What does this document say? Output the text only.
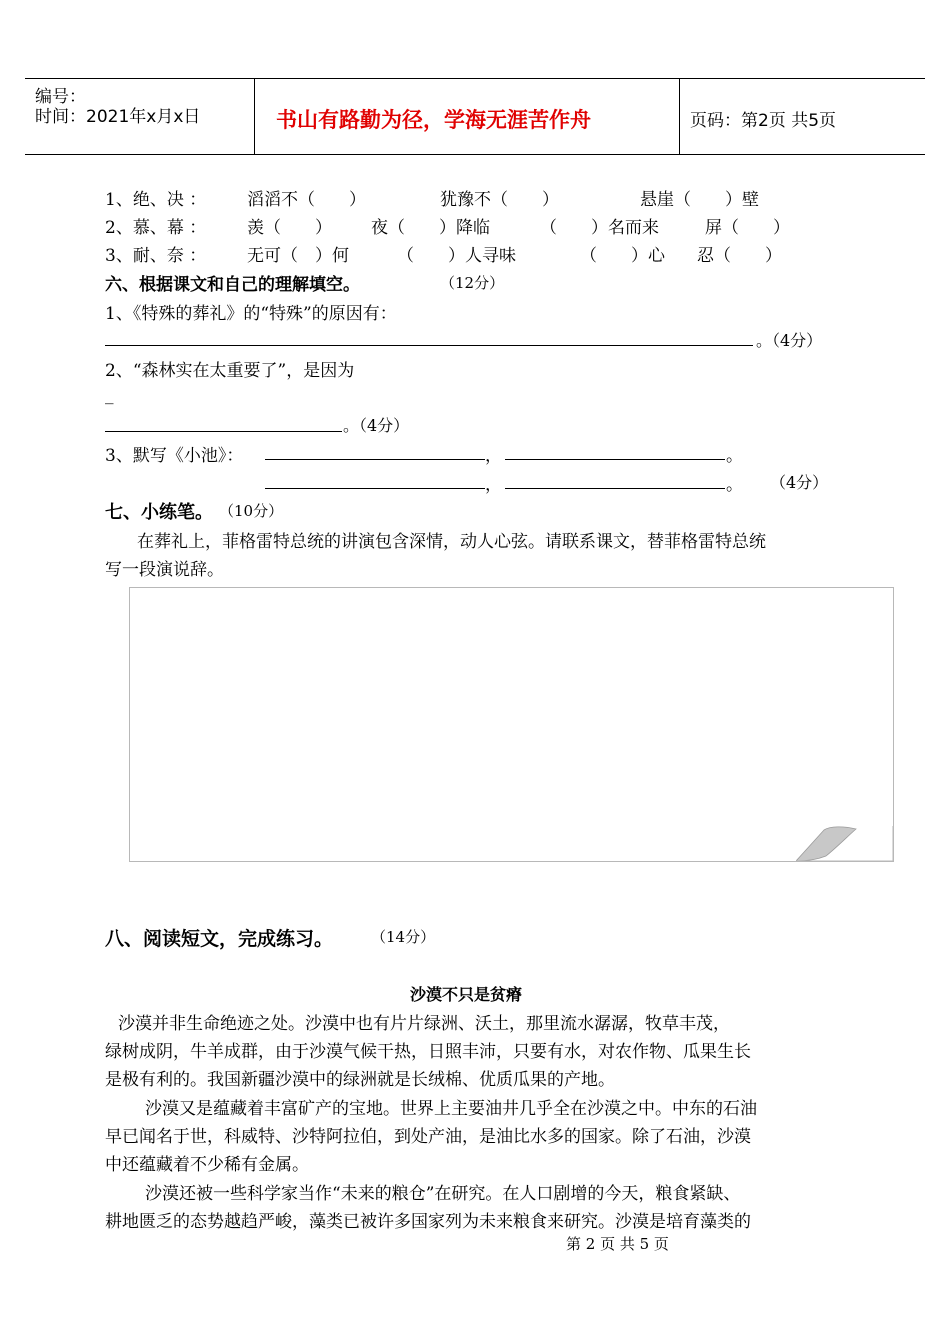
编号：
时间：2021年x月x日	书山有路勤为径，学海无涯苦作舟	页码：第2页 共5页
1、绝、决 ： 滔滔不（　　）	犹豫不（　　）	悬崖（　　）壁
2、慕、幕 ： 羡（　　） 夜（　　）降临	（　　）名而来	屏（　　）
3、耐、奈 ： 无可（　）何	（　　）人寻味	（　　）心 忍（　　）
六、根据课文和自己的理解填空。	（12分）
1、《特殊的葬礼》的“特殊”的原因有：
。（4分）
2、“森林实在太重要了”，是因为
_
。（4分）
3、默写《小池》：	，	。
，	。 （4分）
七、小练笔。 （10分）
在葬礼上，菲格雷特总统的讲演包含深情，动人心弦。请联系课文，替菲格雷特总统
写一段演说辞。
八、阅读短文，完成练习。	（14分）
沙漠不只是贫瘠
沙漠并非生命绝迹之处。沙漠中也有片片绿洲、沃土，那里流水潺潺，牧草丰茂，
绿树成阴，牛羊成群，由于沙漠气候干热，日照丰沛，只要有水，对农作物、瓜果生长
是极有利的。我国新疆沙漠中的绿洲就是长绒棉、优质瓜果的产地。
沙漠又是蕴藏着丰富矿产的宝地。世界上主要油井几乎全在沙漠之中。中东的石油
早已闻名于世，科威特、沙特阿拉伯，到处产油，是油比水多的国家。除了石油，沙漠
中还蕴藏着不少稀有金属。
沙漠还被一些科学家当作“未来的粮仓”在研究。在人口剧增的今天，粮食紧缺、
耕地匮乏的态势越趋严峻，藻类已被许多国家列为未来粮食来研究。沙漠是培育藻类的
第 2 页 共 5 页
